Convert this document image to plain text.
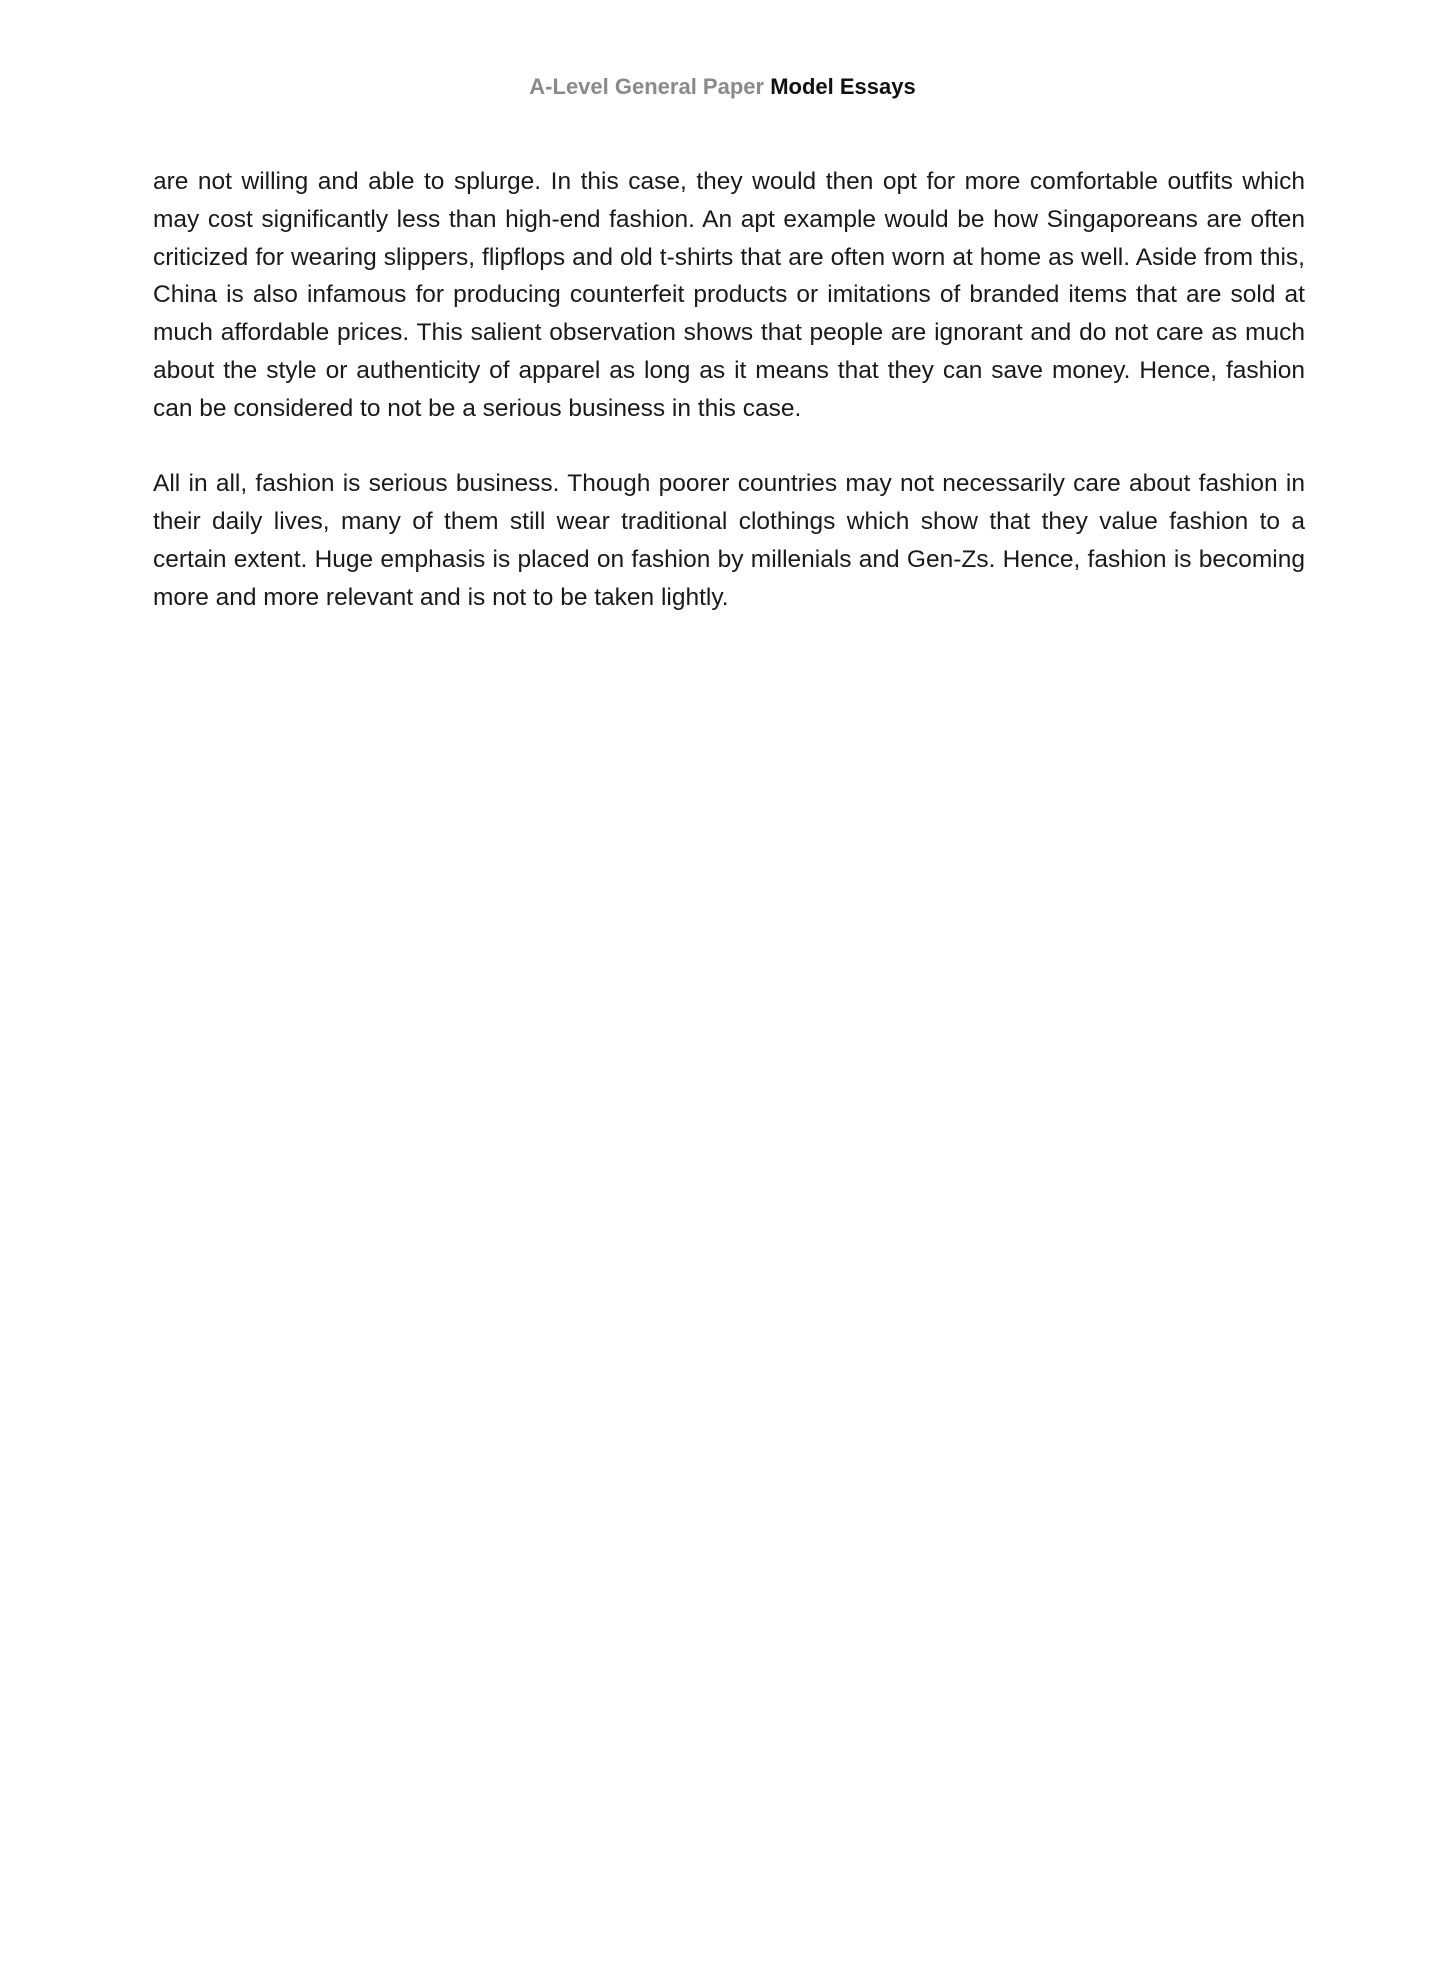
A-Level General Paper Model Essays

are not willing and able to splurge. In this case, they would then opt for more comfortable outfits which may cost significantly less than high-end fashion. An apt example would be how Singaporeans are often criticized for wearing slippers, flipflops and old t-shirts that are often worn at home as well. Aside from this, China is also infamous for producing counterfeit products or imitations of branded items that are sold at much affordable prices. This salient observation shows that people are ignorant and do not care as much about the style or authenticity of apparel as long as it means that they can save money. Hence, fashion can be considered to not be a serious business in this case.

All in all, fashion is serious business. Though poorer countries may not necessarily care about fashion in their daily lives, many of them still wear traditional clothings which show that they value fashion to a certain extent. Huge emphasis is placed on fashion by millenials and Gen-Zs. Hence, fashion is becoming more and more relevant and is not to be taken lightly.
